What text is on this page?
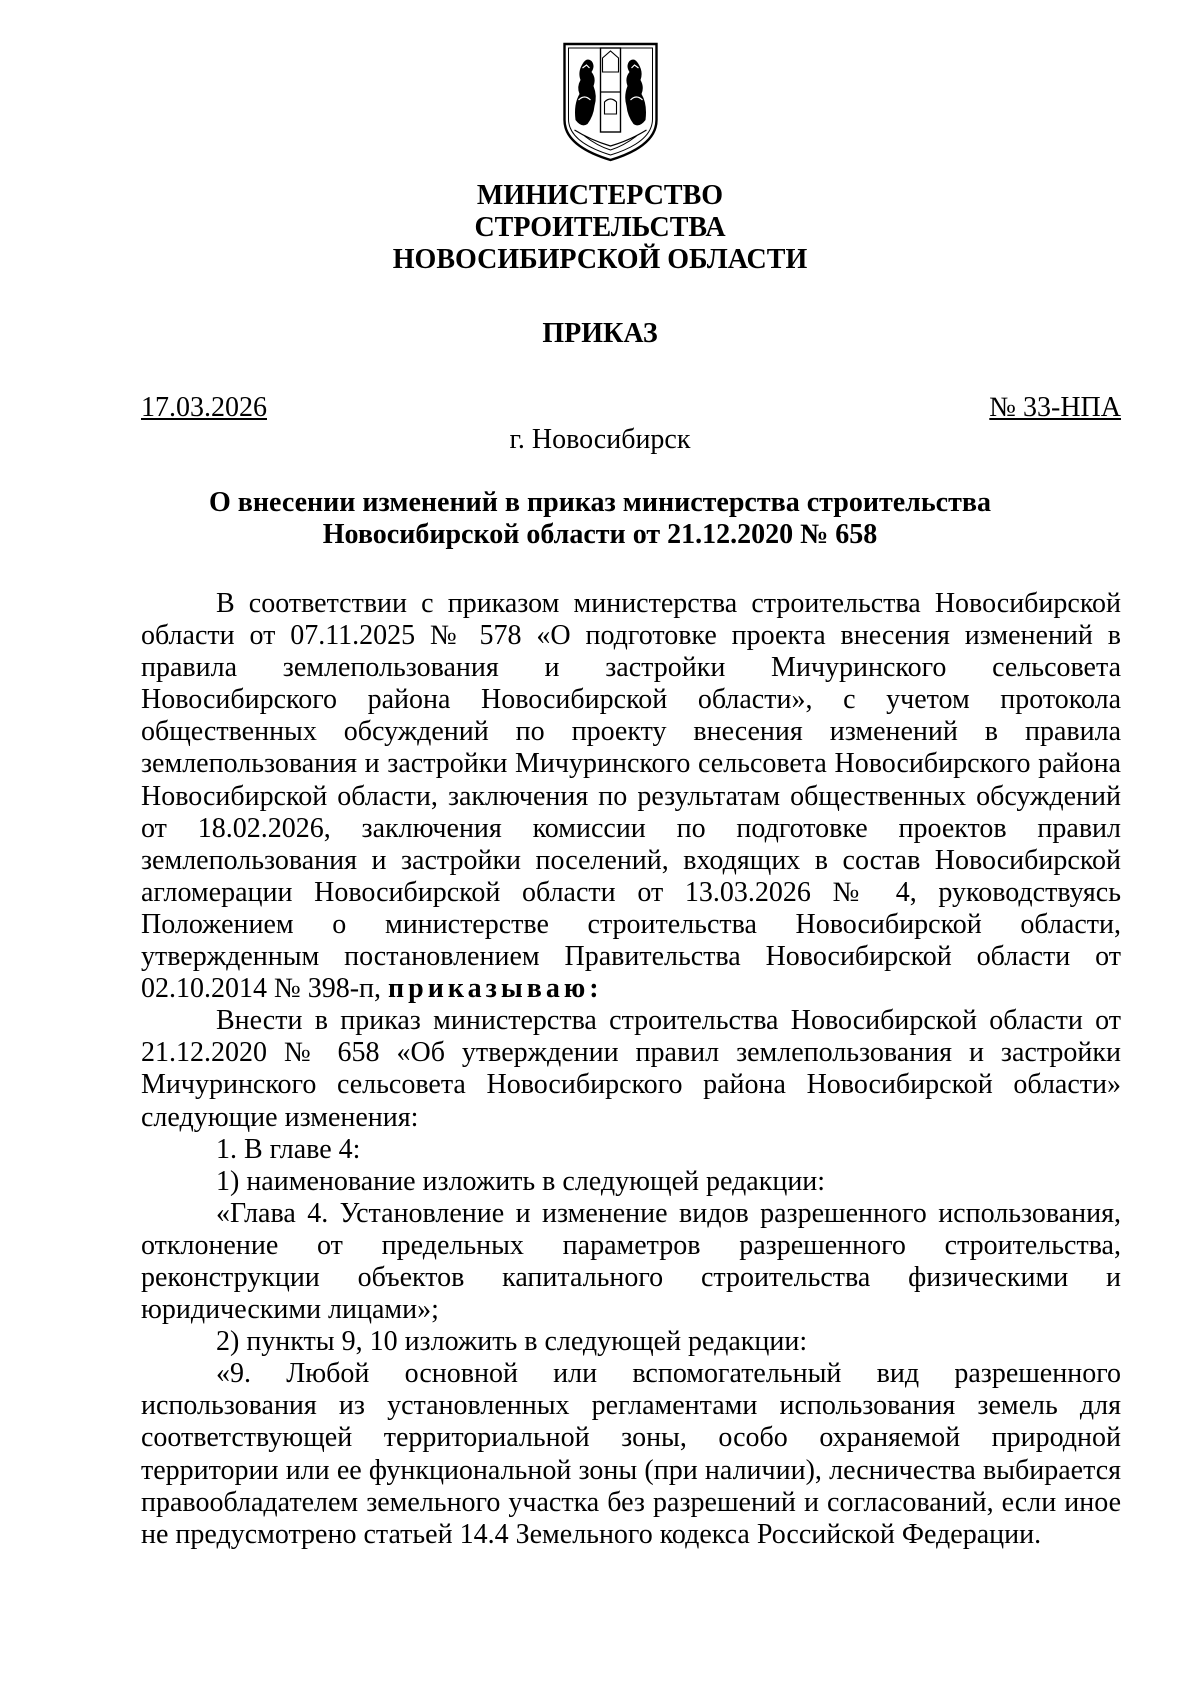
МИНИСТЕРСТВО
СТРОИТЕЛЬСТВА
НОВОСИБИРСКОЙ ОБЛАСТИ
ПРИКАЗ
17.03.2026	№ 33-НПА
г. Новосибирск
О внесении изменений в приказ министерства строительства
Новосибирской области от 21.12.2020 № 658

В соответствии с приказом министерства строительства Новосибирской области от 07.11.2025 № 578 «О подготовке проекта внесения изменений в правила землепользования и застройки Мичуринского сельсовета Новосибирского района Новосибирской области», с учетом протокола общественных обсуждений по проекту внесения изменений в правила землепользования и застройки Мичуринского сельсовета Новосибирского района Новосибирской области, заключения по результатам общественных обсуждений от 18.02.2026, заключения комиссии по подготовке проектов правил землепользования и застройки поселений, входящих в состав Новосибирской агломерации Новосибирской области от 13.03.2026 № 4, руководствуясь Положением о министерстве строительства Новосибирской области, утвержденным постановлением Правительства Новосибирской области от 02.10.2014 № 398-п, приказываю:

Внести в приказ министерства строительства Новосибирской области от 21.12.2020 № 658 «Об утверждении правил землепользования и застройки Мичуринского сельсовета Новосибирского района Новосибирской области» следующие изменения:

1. В главе 4:

1) наименование изложить в следующей редакции:

«Глава 4. Установление и изменение видов разрешенного использования, отклонение от предельных параметров разрешенного строительства, реконструкции объектов капитального строительства физическими и юридическими лицами»;

2) пункты 9, 10 изложить в следующей редакции:

«9. Любой основной или вспомогательный вид разрешенного использования из установленных регламентами использования земель для соответствующей территориальной зоны, особо охраняемой природной территории или ее функциональной зоны (при наличии), лесничества выбирается правообладателем земельного участка без разрешений и согласований, если иное не предусмотрено статьей 14.4 Земельного кодекса Российской Федерации.
